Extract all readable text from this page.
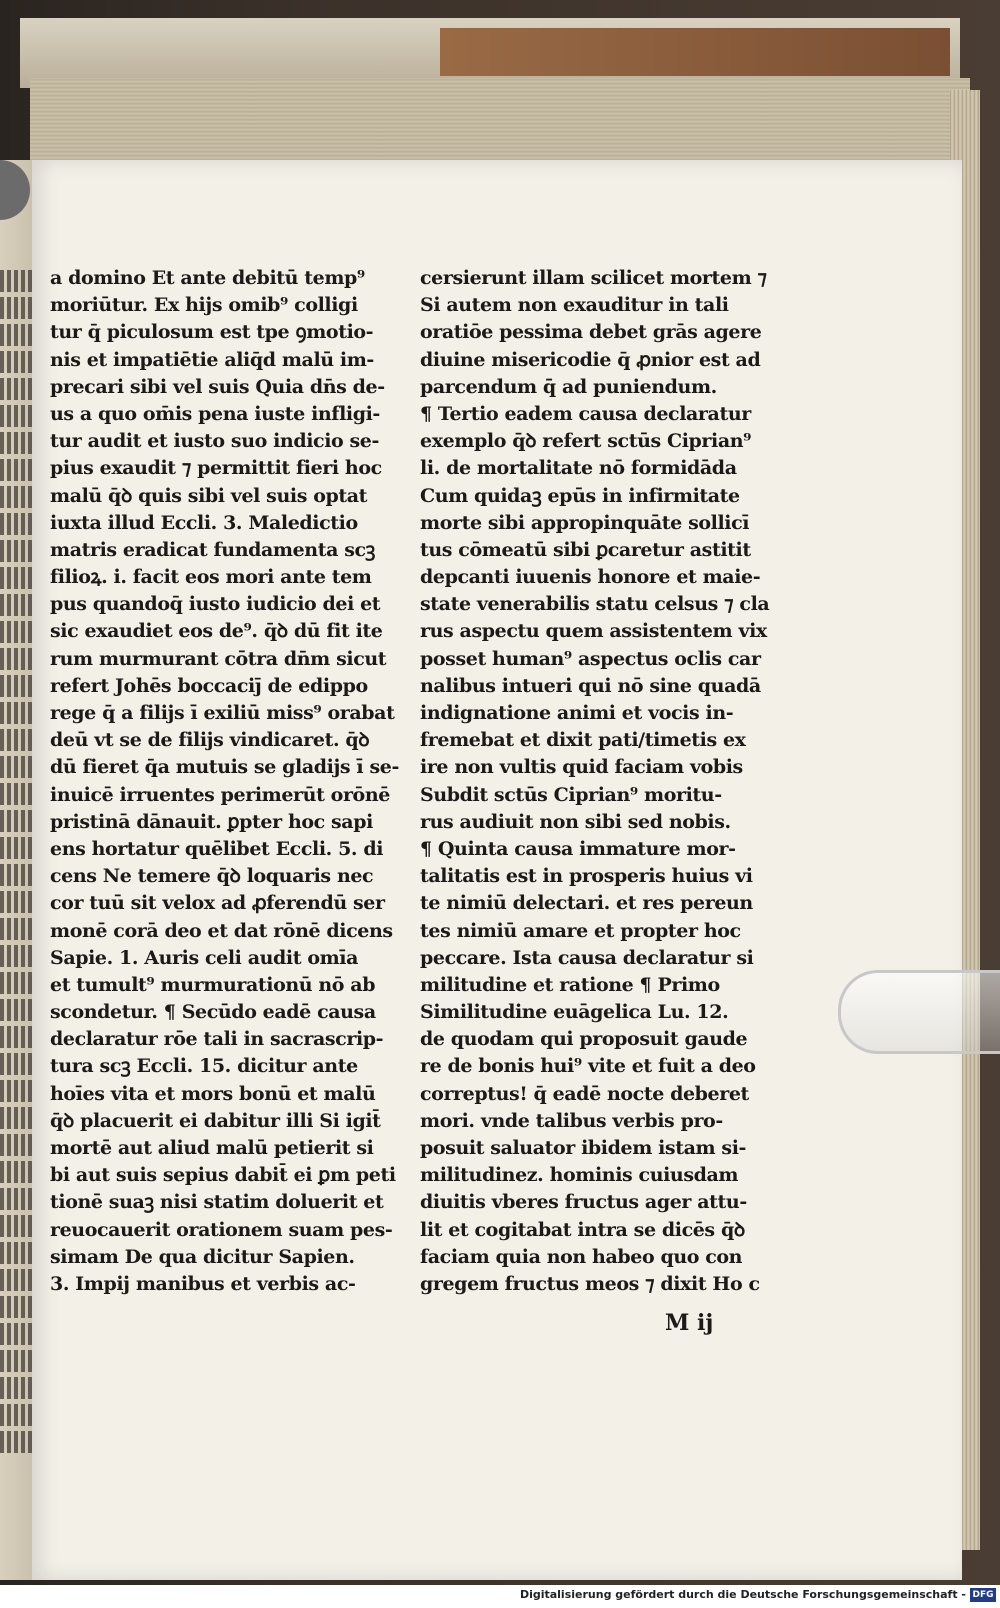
a domino Et ante debitū temp⁹
moriūtur. Ex hijs omib⁹ colligi
tur q̄ piculosum est tpe ꝯmotio-
nis et impatiētie aliq̄d malū im-
precari sibi vel suis Quia dn̄s de-
us a quo om̄is pena iuste infligi-
tur audit et iusto suo indicio se-
pius exaudit ⁊ permittit fieri hoc
malū q̄ꝺ quis sibi vel suis optat
iuxta illud Eccli. 3. Maledictio
matris eradicat fundamenta scꝫ
filioꝝ. i. facit eos mori ante tem
pus quandoq̄ iusto iudicio dei et
sic exaudiet eos de⁹. q̄ꝺ dū fit ite
rum murmurant cōtra dn̄m sicut
refert Johēs boccacij̄ de edippo
rege q̄ a filijs ī exiliū miss⁹ orabat
deū vt se de filijs vindicaret. q̄ꝺ
dū fieret q̄a mutuis se gladijs ī se-
inuicē irruentes perimerūt orōnē
pristinā dānauit. ꝑpter hoc sapi
ens hortatur quēlibet Eccli. 5. di
cens Ne temere q̄ꝺ loquaris nec
cor tuū sit velox ad ꝓferendū ser
monē corā deo et dat rōnē dicens
Sapie. 1. Auris celi audit omīa
et tumult⁹ murmurationū nō ab
scondetur. ¶ Secūdo eadē causa
declaratur rōe tali in sacrascrip-
tura scꝫ Eccli. 15. dicitur ante
hoīes vita et mors bonū et malū
q̄ꝺ placuerit ei dabitur illi Si igit̄
mortē aut aliud malū petierit si
bi aut suis sepius dabit̄ ei ꝑm peti
tionē suaꝫ nisi statim doluerit et
reuocauerit orationem suam pes-
simam De qua dicitur Sapien.
3. Impij manibus et verbis ac-
cersierunt illam scilicet mortem ⁊
Si autem non exauditur in tali
oratiōe pessima debet grās agere
diuine misericodie q̄ ꝓnior est ad
parcendum q̄̄ ad puniendum.
¶ Tertio eadem causa declaratur
exemplo q̄ꝺ refert sctūs Ciprian⁹
li. de mortalitate nō formidāda
Cum quidaꝫ epūs in infirmitate
morte sibi appropinquāte sollicī
tus cōmeatū sibi ꝑcaretur astitit
depcanti iuuenis honore et maie-
state venerabilis statu celsus ⁊ cla
rus aspectu quem assistentem vix
posset human⁹ aspectus oclis car
nalibus intueri qui nō sine quadā
indignatione animi et vocis in-
fremebat et dixit pati/timetis ex
ire non vultis quid faciam vobis
Subdit sctūs Ciprian⁹ moritu-
rus audiuit non sibi sed nobis.
¶ Quinta causa immature mor-
talitatis est in prosperis huius vi
te nimiū delectari. et res pereun
tes nimiū amare et propter hoc
peccare. Ista causa declaratur si
militudine et ratione ¶ Primo
Similitudine euāgelica Lu. 12.
de quodam qui proposuit gaude
re de bonis hui⁹ vite et fuit a deo
correptus! q̄ eadē nocte deberet
mori. vnde talibus verbis pro-
posuit saluator ibidem istam si-
militudinez. hominis cuiusdam
diuitis vberes fructus ager attu-
lit et cogitabat intra se dicēs q̄ꝺ
faciam quia non habeo quo con
gregem fructus meos ⁊ dixit Ho c
M ij
Digitalisierung gefördert durch die Deutsche Forschungsgemeinschaft - DFG
